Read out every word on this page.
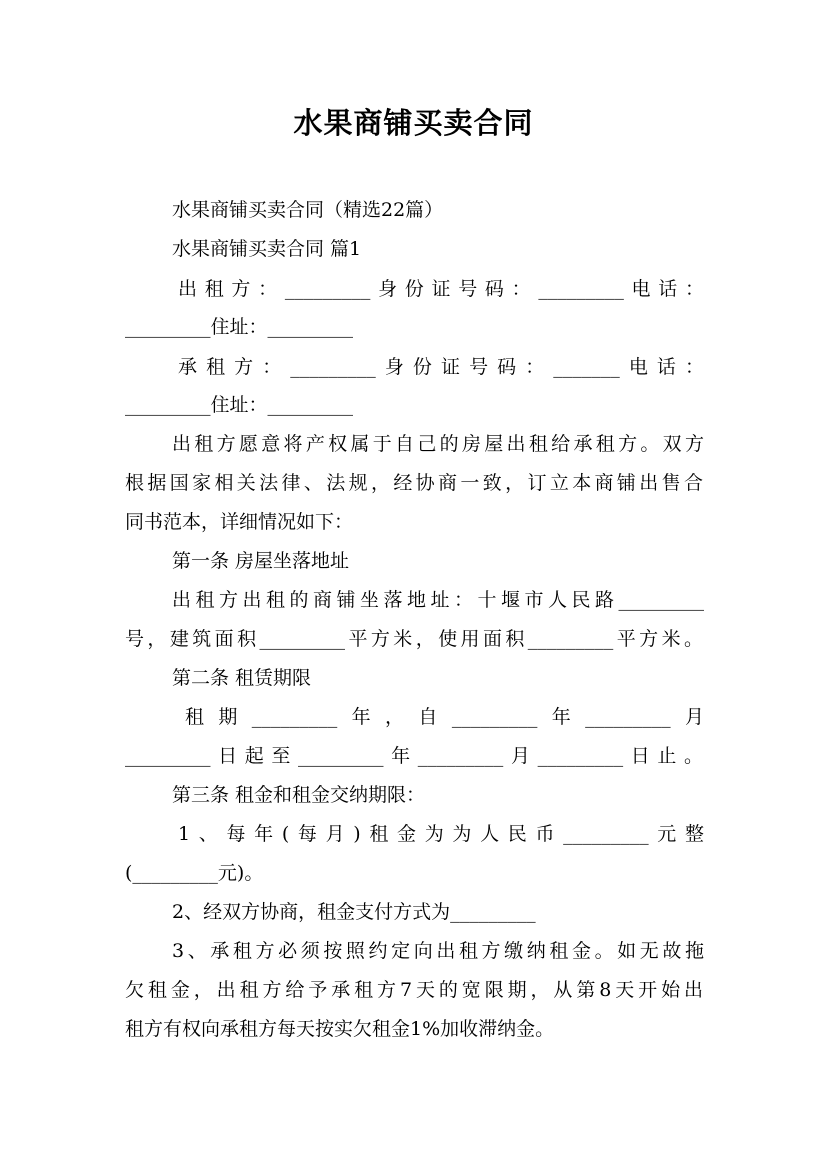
水果商铺买卖合同
水果商铺买卖合同（精选22篇）
水果商铺买卖合同 篇1
出租方：_________身份证号码：_________电话：
_________住址：_________
承租方：_________身份证号码：_______电话：
_________住址：_________
出租方愿意将产权属于自己的房屋出租给承租方。双方
根据国家相关法律、法规，经协商一致，订立本商铺出售合
同书范本，详细情况如下：
第一条 房屋坐落地址
出租方出租的商铺坐落地址：十堰市人民路_________
号，建筑面积_________平方米，使用面积_________平方米。
第二条 租赁期限
租期_________年，自_________年_________月
_________日起至_________年_________月_________日止。
第三条 租金和租金交纳期限：
1、每年(每月)租金为为人民币_________元整
(_________元)。
2、经双方协商，租金支付方式为_________
3、承租方必须按照约定向出租方缴纳租金。如无故拖
欠租金，出租方给予承租方7天的宽限期，从第8天开始出
租方有权向承租方每天按实欠租金1%加收滞纳金。
